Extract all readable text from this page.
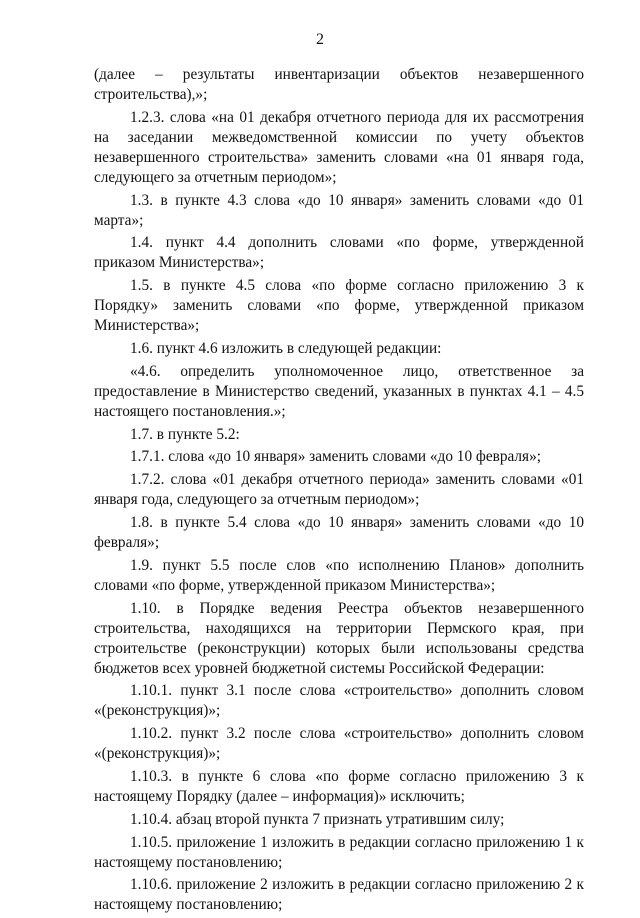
2

(далее – результаты инвентаризации объектов незавершенного строительства),»;

1.2.3. слова «на 01 декабря отчетного периода для их рассмотрения на заседании межведомственной комиссии по учету объектов незавершенного строительства» заменить словами «на 01 января года, следующего за отчетным периодом»;

1.3. в пункте 4.3 слова «до 10 января» заменить словами «до 01 марта»;

1.4. пункт 4.4 дополнить словами «по форме, утвержденной приказом Министерства»;

1.5. в пункте 4.5 слова «по форме согласно приложению 3 к Порядку» заменить словами «по форме, утвержденной приказом Министерства»;

1.6. пункт 4.6 изложить в следующей редакции:

«4.6. определить уполномоченное лицо, ответственное за предоставление в Министерство сведений, указанных в пунктах 4.1 – 4.5 настоящего постановления.»;

1.7. в пункте 5.2:

1.7.1. слова «до 10 января» заменить словами «до 10 февраля»;

1.7.2. слова «01 декабря отчетного периода» заменить словами «01 января года, следующего за отчетным периодом»;

1.8. в пункте 5.4 слова «до 10 января» заменить словами «до 10 февраля»;

1.9. пункт 5.5 после слов «по исполнению Планов» дополнить словами «по форме, утвержденной приказом Министерства»;

1.10. в Порядке ведения Реестра объектов незавершенного строительства, находящихся на территории Пермского края, при строительстве (реконструкции) которых были использованы средства бюджетов всех уровней бюджетной системы Российской Федерации:

1.10.1. пункт 3.1 после слова «строительство» дополнить словом «(реконструкция)»;

1.10.2. пункт 3.2 после слова «строительство» дополнить словом «(реконструкция)»;

1.10.3. в пункте 6 слова «по форме согласно приложению 3 к настоящему Порядку (далее – информация)» исключить;

1.10.4. абзац второй пункта 7 признать утратившим силу;

1.10.5. приложение 1 изложить в редакции согласно приложению 1 к настоящему постановлению;

1.10.6. приложение 2 изложить в редакции согласно приложению 2 к настоящему постановлению;
